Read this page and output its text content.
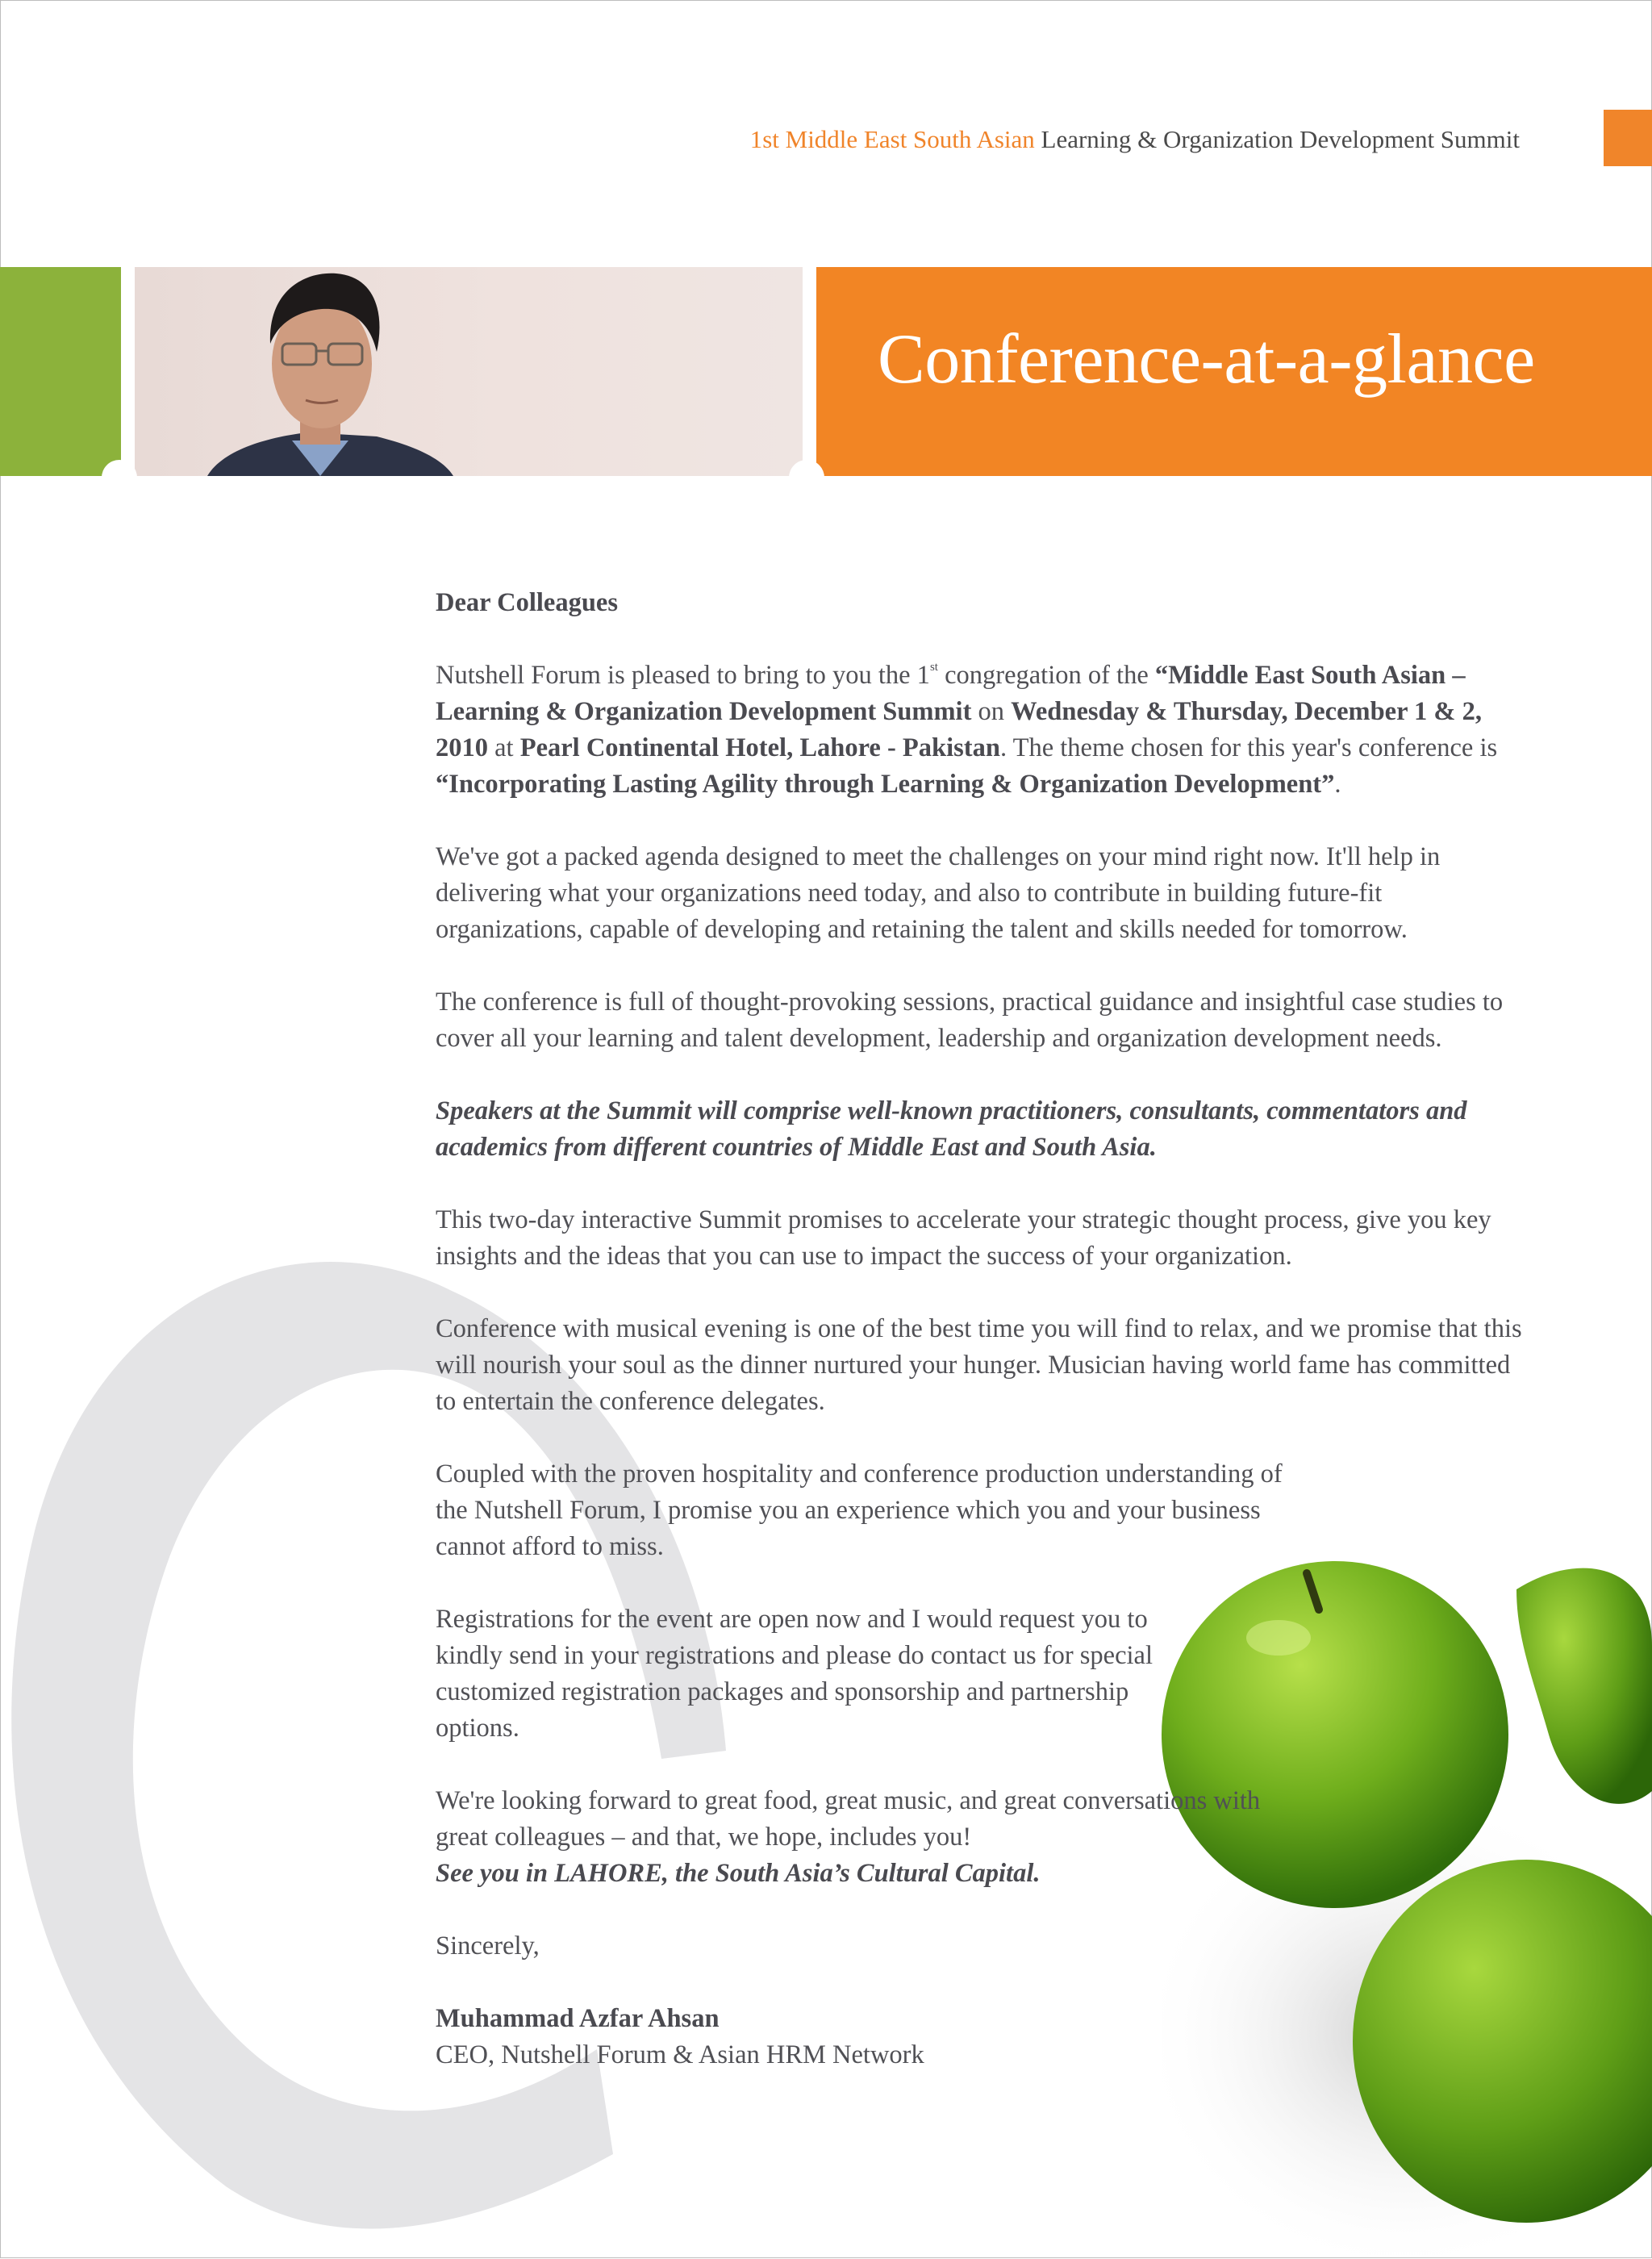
1st Middle East South Asian Learning & Organization Development Summit
Conference-at-a-glance

Dear Colleagues

Nutshell Forum is pleased to bring to you the 1st congregation of the “Middle East South Asian – Learning & Organization Development Summit on Wednesday & Thursday, December 1 & 2, 2010 at Pearl Continental Hotel, Lahore - Pakistan. The theme chosen for this year's conference is “Incorporating Lasting Agility through Learning & Organization Development”.

We've got a packed agenda designed to meet the challenges on your mind right now. It'll help in delivering what your organizations need today, and also to contribute in building future-fit organizations, capable of developing and retaining the talent and skills needed for tomorrow.

The conference is full of thought-provoking sessions, practical guidance and insightful case studies to cover all your learning and talent development, leadership and organization development needs.

Speakers at the Summit will comprise well-known practitioners, consultants, commentators and academics from different countries of Middle East and South Asia.

This two-day interactive Summit promises to accelerate your strategic thought process, give you key insights and the ideas that you can use to impact the success of your organization.

Conference with musical evening is one of the best time you will find to relax, and we promise that this will nourish your soul as the dinner nurtured your hunger. Musician having world fame has committed to entertain the conference delegates.

Coupled with the proven hospitality and conference production understanding of the Nutshell Forum, I promise you an experience which you and your business cannot afford to miss.

Registrations for the event are open now and I would request you to kindly send in your registrations and please do contact us for special customized registration packages and sponsorship and partnership options.

We're looking forward to great food, great music, and great conversations with great colleagues – and that, we hope, includes you!
See you in LAHORE, the South Asia’s Cultural Capital.

Sincerely,

Muhammad Azfar Ahsan

CEO, Nutshell Forum & Asian HRM Network
